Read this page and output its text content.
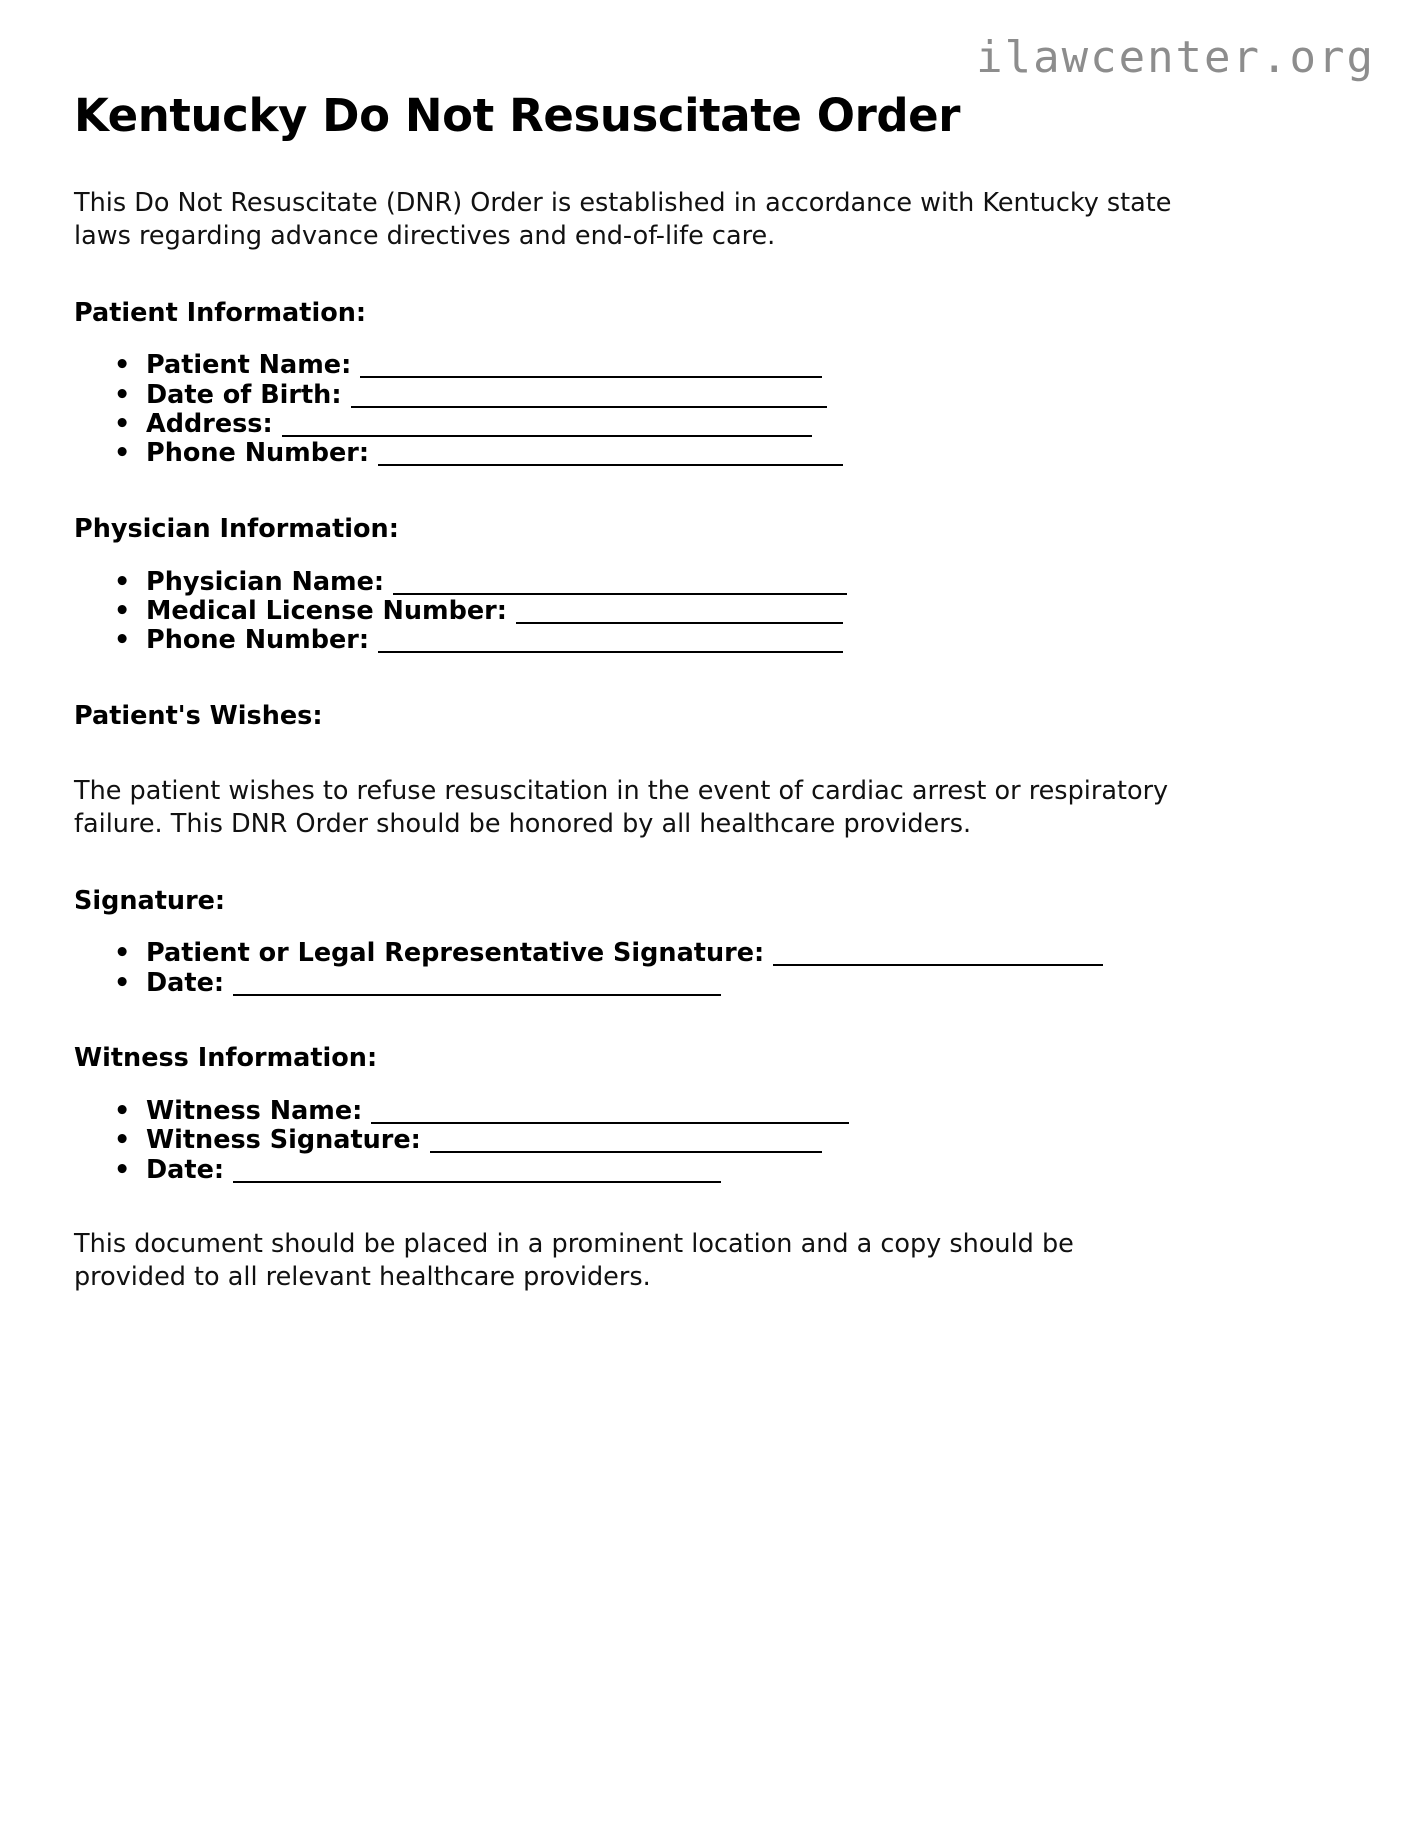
ilawcenter.org
Kentucky Do Not Resuscitate Order

This Do Not Resuscitate (DNR) Order is established in accordance with Kentucky state laws regarding advance directives and end-of-life care.

Patient Information:
• Patient Name:
• Date of Birth:
• Address:
• Phone Number:
Physician Information:
• Physician Name:
• Medical License Number:
• Phone Number:
Patient's Wishes:

The patient wishes to refuse resuscitation in the event of cardiac arrest or respiratory failure. This DNR Order should be honored by all healthcare providers.

Signature:
• Patient or Legal Representative Signature:
• Date:
Witness Information:
• Witness Name:
• Witness Signature:
• Date:

This document should be placed in a prominent location and a copy should be provided to all relevant healthcare providers.
